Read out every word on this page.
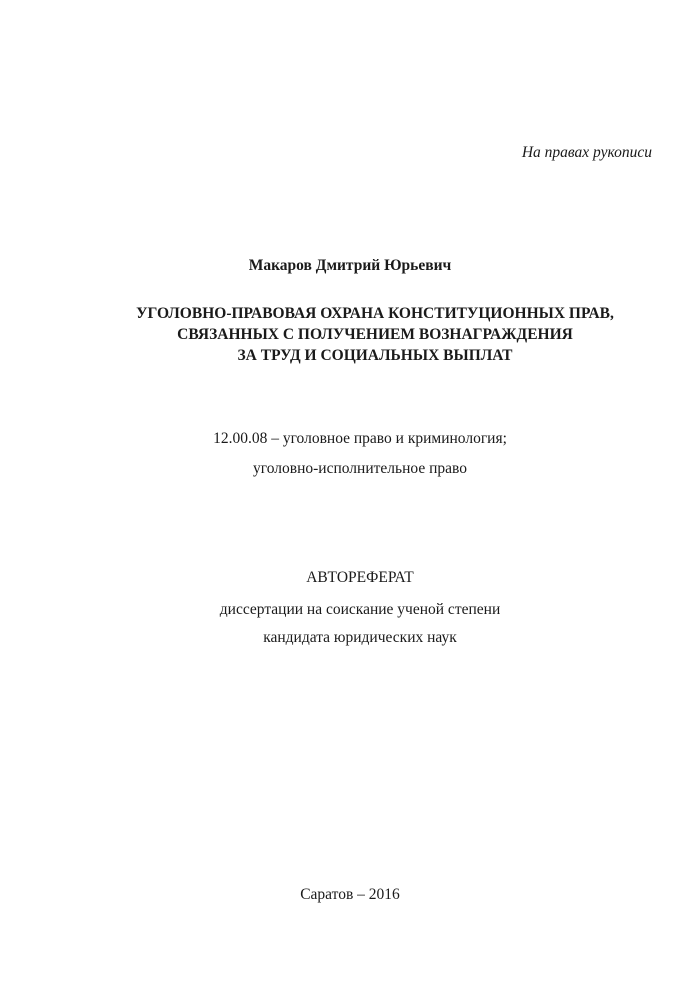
На правах рукописи
Макаров Дмитрий Юрьевич
УГОЛОВНО-ПРАВОВАЯ ОХРАНА КОНСТИТУЦИОННЫХ ПРАВ,
СВЯЗАННЫХ С ПОЛУЧЕНИЕМ ВОЗНАГРАЖДЕНИЯ
ЗА ТРУД И СОЦИАЛЬНЫХ ВЫПЛАТ
12.00.08 – уголовное право и криминология;
уголовно-исполнительное право
АВТОРЕФЕРАТ
диссертации на соискание ученой степени
кандидата юридических наук
Саратов – 2016
